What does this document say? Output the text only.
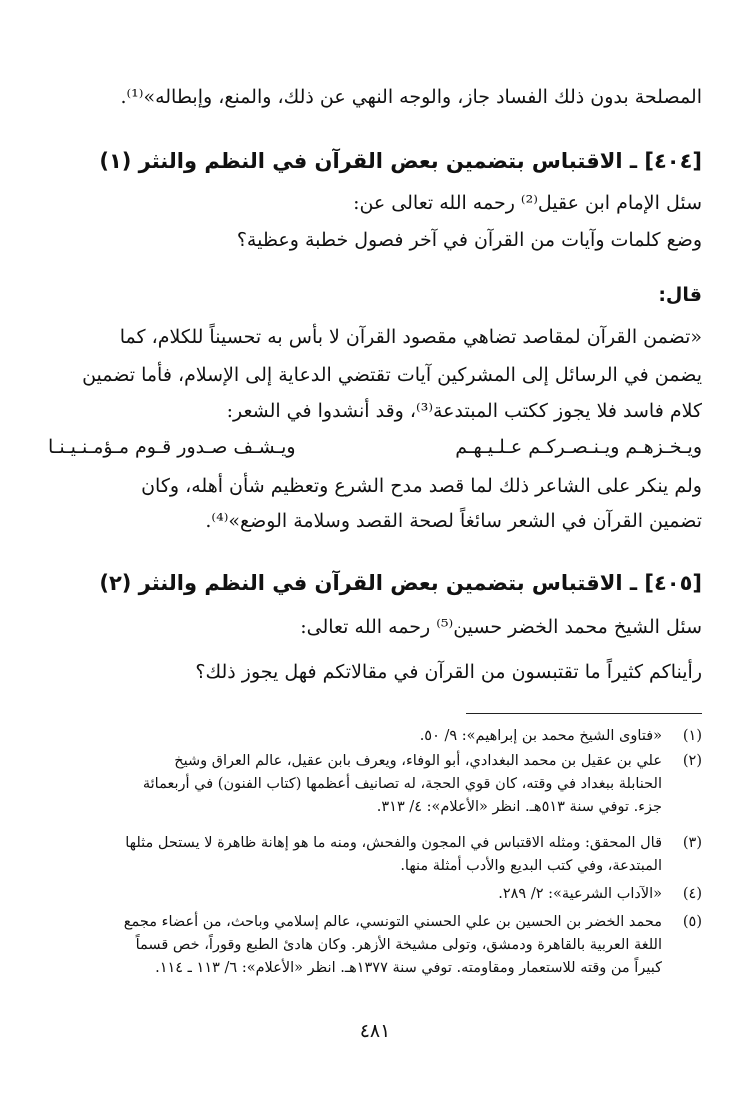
المصلحة بدون ذلك الفساد جاز، والوجه النهي عن ذلك، والمنع، وإبطاله»⁽¹⁾.
[٤٠٤] ـ الاقتباس بتضمين بعض القرآن في النظم والنثر (١)
سئل الإمام ابن عقيل⁽²⁾ رحمه الله تعالى عن:
وضع كلمات وآيات من القرآن في آخر فصول خطبة وعظية؟
قال:
«تضمن القرآن لمقاصد تضاهي مقصود القرآن لا بأس به تحسيناً للكلام، كما
يضمن في الرسائل إلى المشركين آيات تقتضي الدعاية إلى الإسلام، فأما تضمين
كلام فاسد فلا يجوز ككتب المبتدعة⁽³⁾، وقد أنشدوا في الشعر:
ويـخـزهـم ويـنـصـركـم عـلـيـهـم
ويـشـف صـدور قـوم مـؤمـنـيـنـا
ولم ينكر على الشاعر ذلك لما قصد مدح الشرع وتعظيم شأن أهله، وكان
تضمين القرآن في الشعر سائغاً لصحة القصد وسلامة الوضع»⁽⁴⁾.
[٤٠٥] ـ الاقتباس بتضمين بعض القرآن في النظم والنثر (٢)
سئل الشيخ محمد الخضر حسين⁽⁵⁾ رحمه الله تعالى:
رأيناكم كثيراً ما تقتبسون من القرآن في مقالاتكم فهل يجوز ذلك؟
(١)
«فتاوى الشيخ محمد بن إبراهيم»: ٩/ ٥٠.
(٢)
علي بن عقيل بن محمد البغدادي، أبو الوفاء، ويعرف بابن عقيل، عالم العراق وشيخ
الحنابلة ببغداد في وقته، كان قوي الحجة، له تصانيف أعظمها (كتاب الفنون) في أربعمائة
جزء. توفي سنة ٥١٣هـ. انظر «الأعلام»: ٤/ ٣١٣.
(٣)
قال المحقق: ومثله الاقتباس في المجون والفحش، ومنه ما هو إهانة ظاهرة لا يستحل مثلها
المبتدعة، وفي كتب البديع والأدب أمثلة منها.
(٤)
«الآداب الشرعية»: ٢/ ٢٨٩.
(٥)
محمد الخضر بن الحسين بن علي الحسني التونسي، عالم إسلامي وباحث، من أعضاء مجمع
اللغة العربية بالقاهرة ودمشق، وتولى مشيخة الأزهر. وكان هادئ الطبع وقوراً، خص قسماً
كبيراً من وقته للاستعمار ومقاومته. توفي سنة ١٣٧٧هـ. انظر «الأعلام»: ٦/ ١١٣ ـ ١١٤.
٤٨١
